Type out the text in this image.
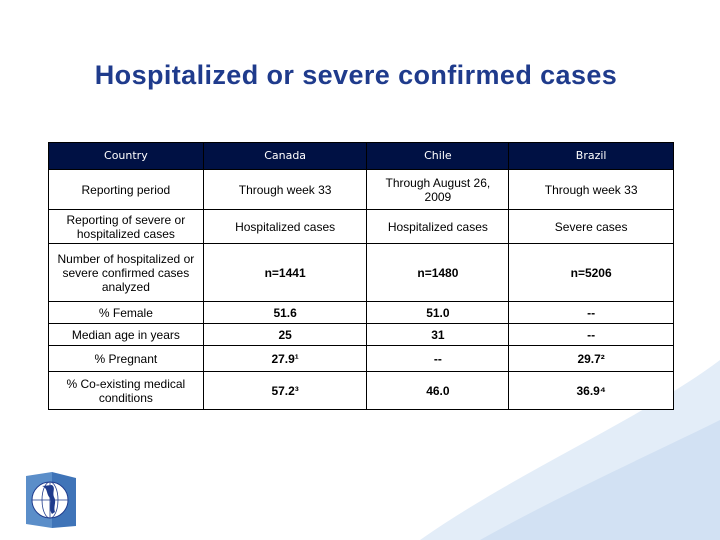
Hospitalized or severe confirmed cases
Country	Canada	Chile	Brazil
Reporting period	Through week 33	Through August 26, 2009	Through week 33
Reporting of severe or hospitalized cases	Hospitalized cases	Hospitalized cases	Severe cases
Number of hospitalized or severe confirmed cases analyzed	n=1441	n=1480	n=5206
% Female	51.6	51.0	--
Median age in years	25	31	--
% Pregnant	27.9¹	--	29.7²
% Co-existing medical conditions	57.2³	46.0	36.9⁴
